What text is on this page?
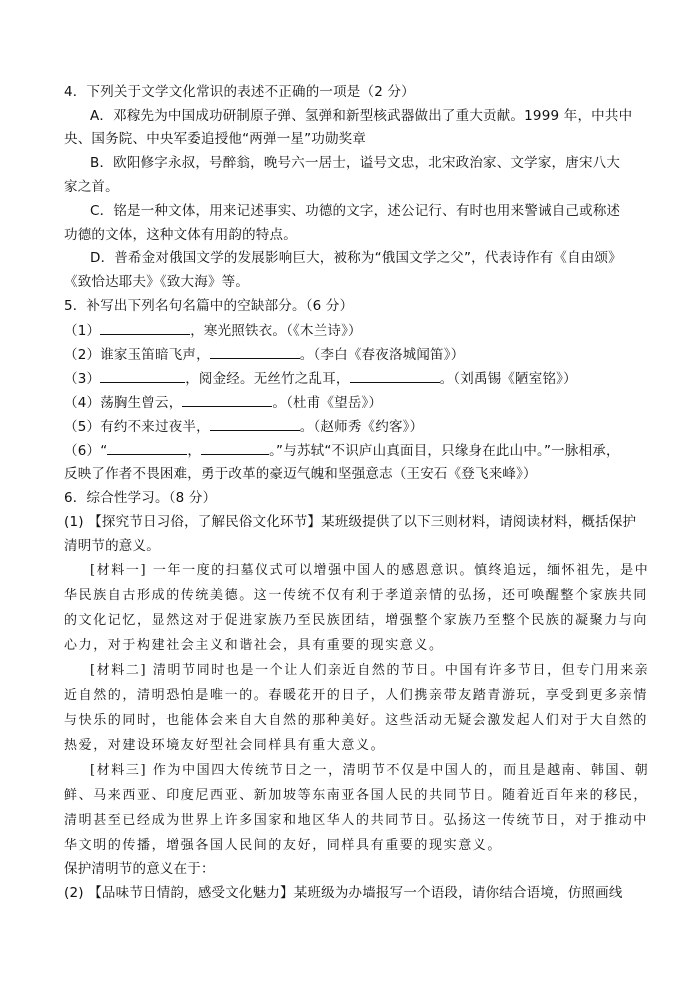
4．下列关于文学文化常识的表述不正确的一项是（2 分）
A．邓稼先为中国成功研制原子弹、氢弹和新型核武器做出了重大贡献。1999 年，中共中
央、国务院、中央军委追授他“两弹一星”功勋奖章
B．欧阳修字永叔，号醉翁，晚号六一居士，谥号文忠，北宋政治家、文学家，唐宋八大
家之首。
C．铭是一种文体，用来记述事实、功德的文字，述公记行、有时也用来警诫自己或称述
功德的文体，这种文体有用韵的特点。
D．普希金对俄国文学的发展影响巨大，被称为“俄国文学之父”，代表诗作有《自由颂》
《致恰达耶夫》《致大海》等。
5．补写出下列名句名篇中的空缺部分。（6 分）
（1）	，寒光照铁衣。（《木兰诗》）
（2）谁家玉笛暗飞声，	。（李白《春夜洛城闻笛》）
（3）	，阅金经。无丝竹之乱耳，	。（刘禹锡《陋室铭》）
（4）荡胸生曾云，	。（杜甫《望岳》）
（5）有约不来过夜半，	。（赵师秀《约客》）
（6）“	，	。”与苏轼“不识庐山真面目，只缘身在此山中。”一脉相承，
反映了作者不畏困难，勇于改革的豪迈气魄和坚强意志（王安石《登飞来峰》）
6．综合性学习。（8 分）
(1) 【探究节日习俗，了解民俗文化环节】某班级提供了以下三则材料，请阅读材料，概括保护
清明节的意义。
[材料一] 一年一度的扫墓仪式可以增强中国人的感恩意识。慎终追远，缅怀祖先，是中
华民族自古形成的传统美德。这一传统不仅有利于孝道亲情的弘扬，还可唤醒整个家族共同
的文化记忆，显然这对于促进家族乃至民族团结，增强整个家族乃至整个民族的凝聚力与向
心力，对于构建社会主义和谐社会，具有重要的现实意义。
[材料二] 清明节同时也是一个让人们亲近自然的节日。中国有许多节日，但专门用来亲
近自然的，清明恐怕是唯一的。春暖花开的日子，人们携亲带友踏青游玩，享受到更多亲情
与快乐的同时，也能体会来自大自然的那种美好。这些活动无疑会激发起人们对于大自然的
热爱，对建设环境友好型社会同样具有重大意义。
[材料三] 作为中国四大传统节日之一，清明节不仅是中国人的，而且是越南、韩国、朝
鲜、马来西亚、印度尼西亚、新加坡等东南亚各国人民的共同节日。随着近百年来的移民，
清明甚至已经成为世界上许多国家和地区华人的共同节日。弘扬这一传统节日，对于推动中
华文明的传播，增强各国人民间的友好，同样具有重要的现实意义。
保护清明节的意义在于：
(2) 【品味节日情韵，感受文化魅力】某班级为办墙报写一个语段，请你结合语境，仿照画线
